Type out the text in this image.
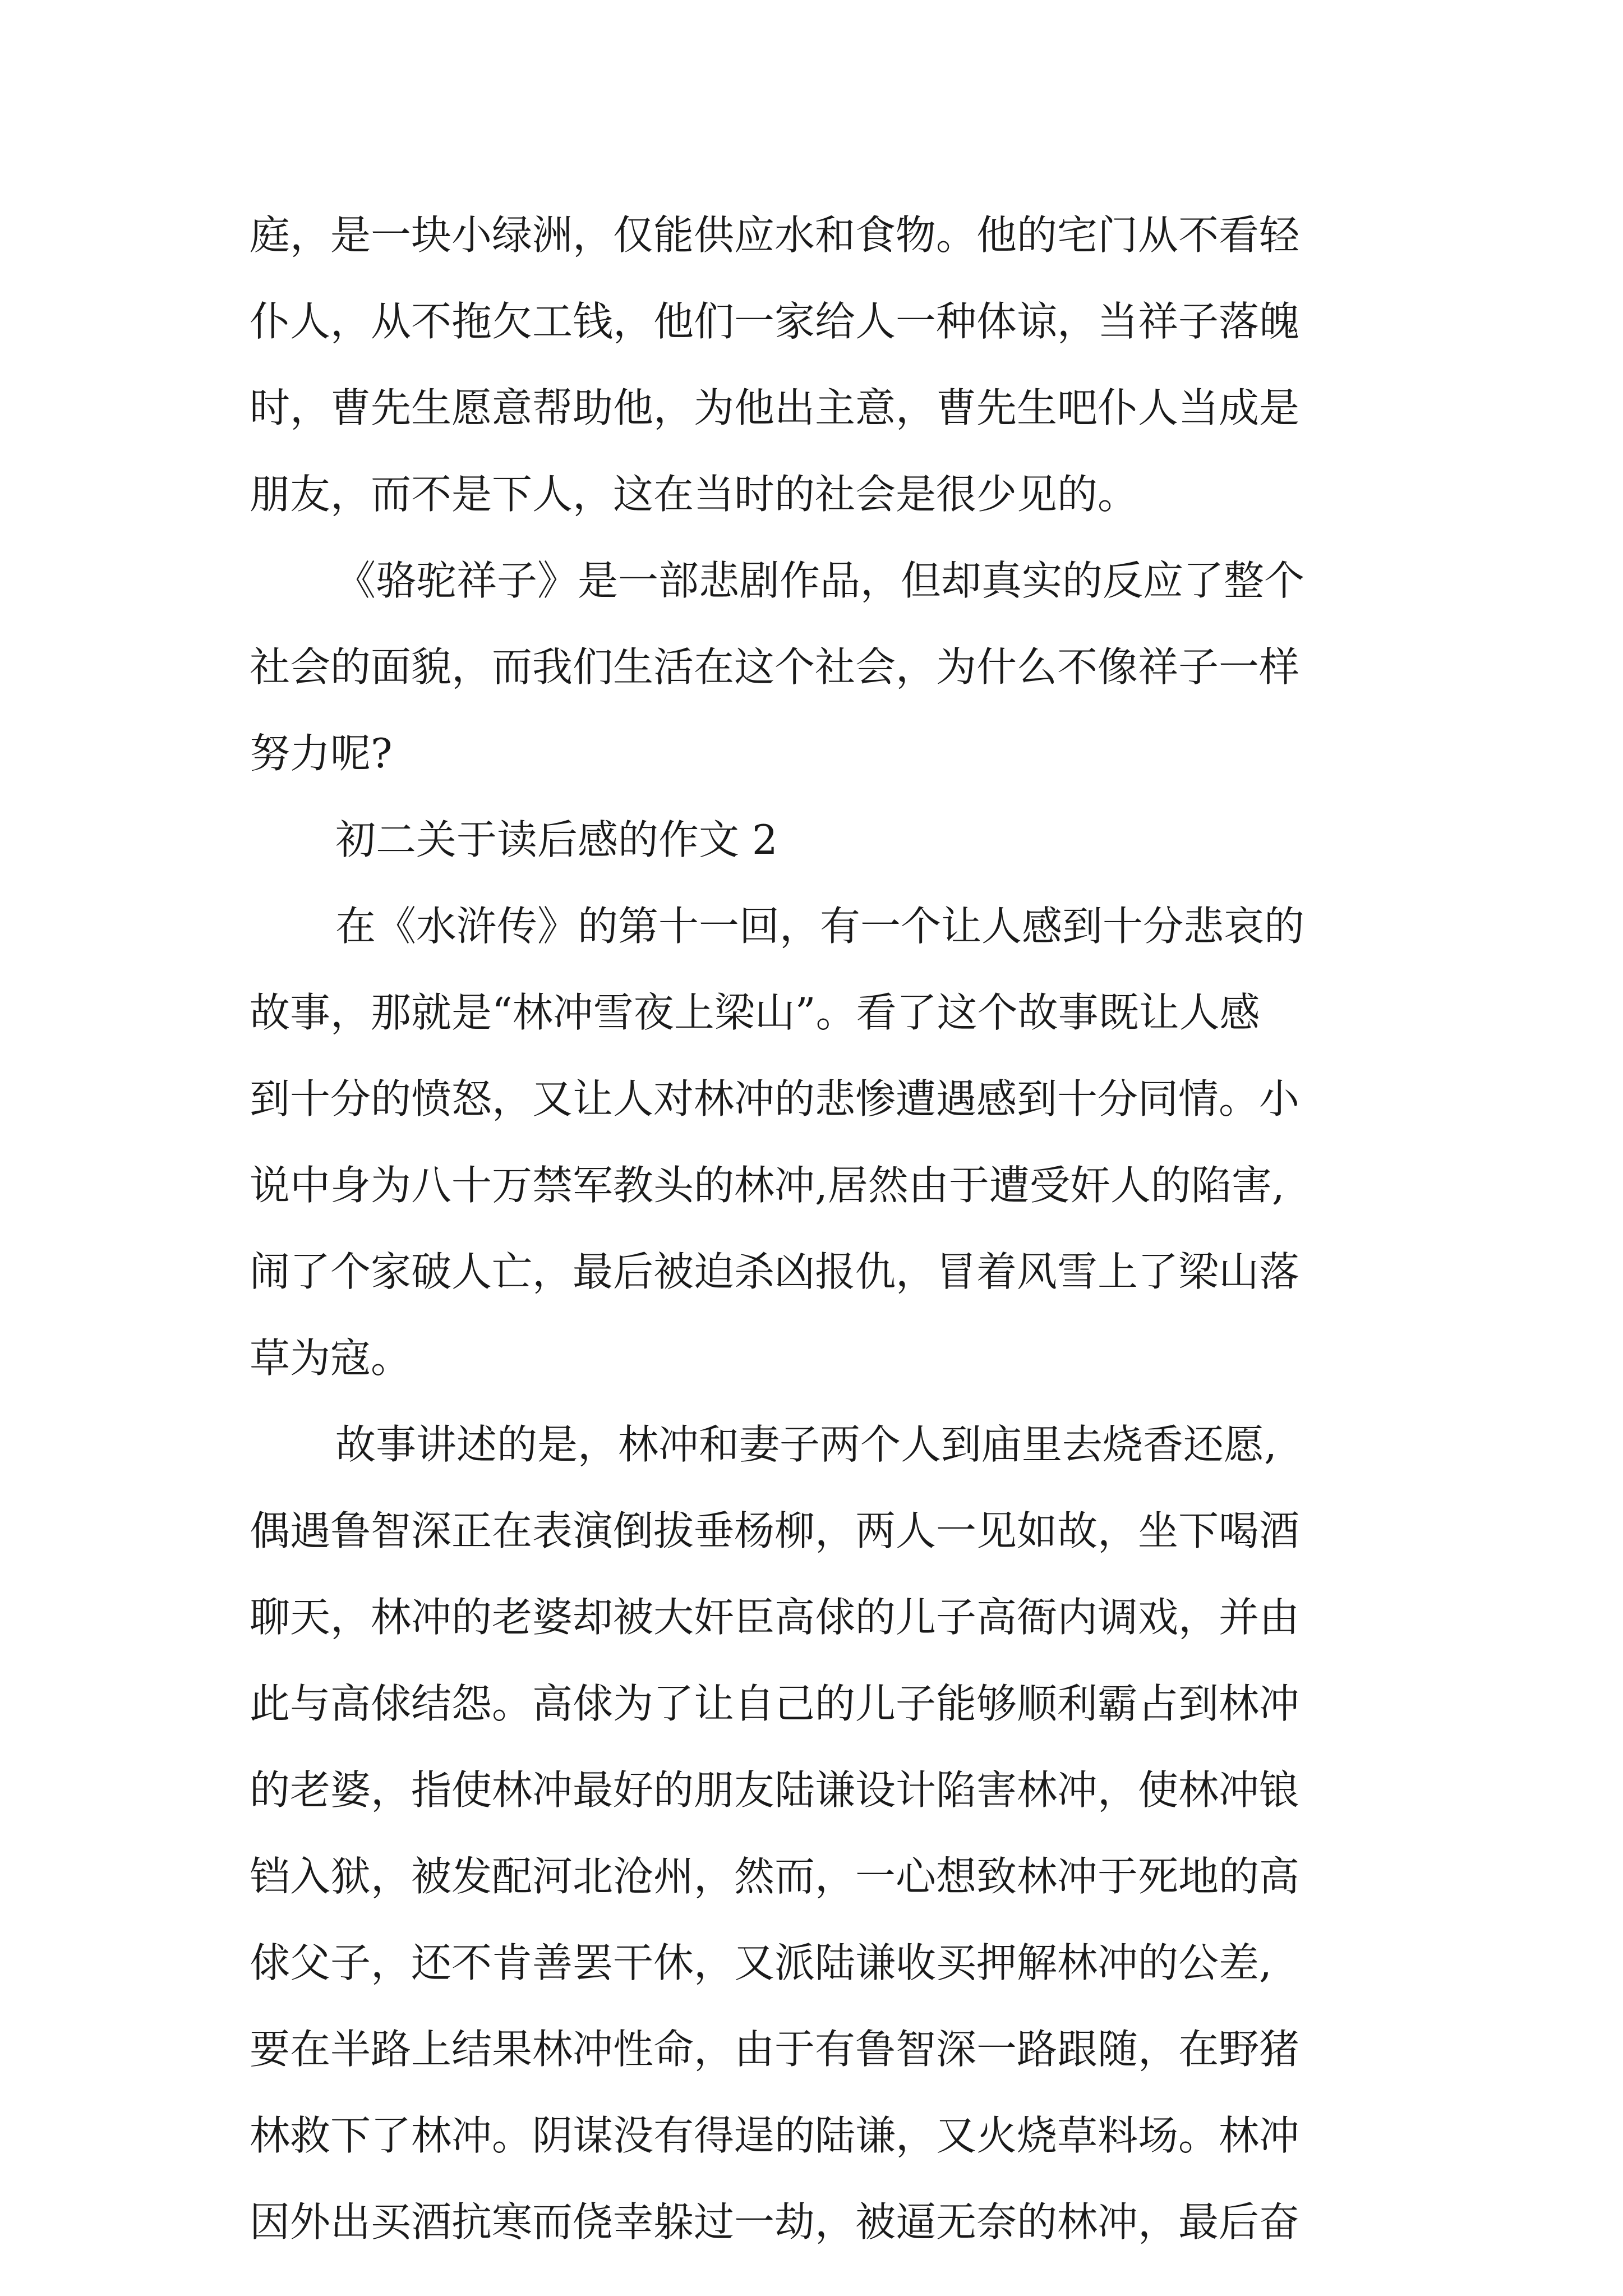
庭，是一块小绿洲，仅能供应水和食物。他的宅门从不看轻
仆人，从不拖欠工钱，他们一家给人一种体谅，当祥子落魄
时，曹先生愿意帮助他，为他出主意，曹先生吧仆人当成是
朋友，而不是下人，这在当时的社会是很少见的。
《骆驼祥子》是一部悲剧作品，但却真实的反应了整个
社会的面貌，而我们生活在这个社会，为什么不像祥子一样
努力呢?
初二关于读后感的作文 2
在《水浒传》的第十一回，有一个让人感到十分悲哀的
故事，那就是“林冲雪夜上梁山”。看了这个故事既让人感
到十分的愤怒，又让人对林冲的悲惨遭遇感到十分同情。小
说中身为八十万禁军教头的林冲,居然由于遭受奸人的陷害,
闹了个家破人亡，最后被迫杀凶报仇，冒着风雪上了梁山落
草为寇。
故事讲述的是，林冲和妻子两个人到庙里去烧香还愿,
偶遇鲁智深正在表演倒拔垂杨柳，两人一见如故，坐下喝酒
聊天，林冲的老婆却被大奸臣高俅的儿子高衙内调戏，并由
此与高俅结怨。高俅为了让自己的儿子能够顺利霸占到林冲
的老婆，指使林冲最好的朋友陆谦设计陷害林冲，使林冲锒
铛入狱，被发配河北沧州，然而，一心想致林冲于死地的高
俅父子，还不肯善罢干休，又派陆谦收买押解林冲的公差,
要在半路上结果林冲性命，由于有鲁智深一路跟随，在野猪
林救下了林冲。阴谋没有得逞的陆谦，又火烧草料场。林冲
因外出买酒抗寒而侥幸躲过一劫，被逼无奈的林冲，最后奋
